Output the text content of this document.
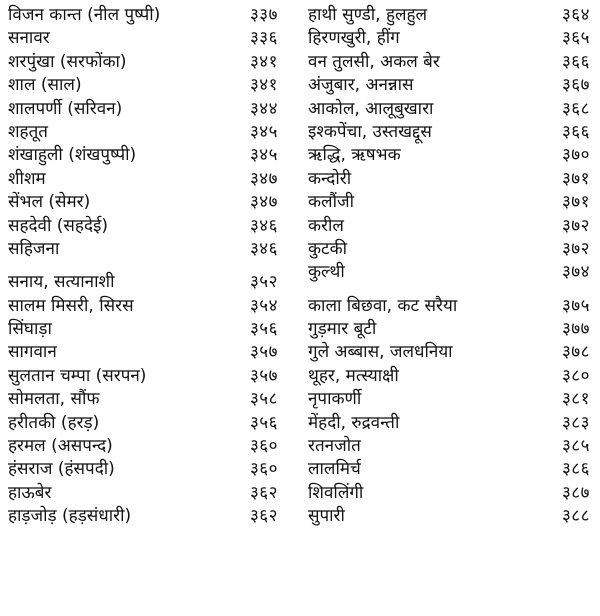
विजन कान्त (नील पुष्पी)	३३७
सनावर	३३६
शरपुंखा (सरफोंका)	३४१
शाल (साल)	३४१
शालपर्णी (सरिवन)	३४४
शहतूत	३४५
शंखाहुली (शंखपुष्पी)	३४५
शीशम	३४७
सेंभल (सेमर)	३४७
सहदेवी (सहदेई)	३४६
सहिजना	३४६
सनाय, सत्यानाशी	३५२
सालम मिसरी, सिरस	३५४
सिंघाड़ा	३५६
सागवान	३५७
सुलतान चम्पा (सरपन)	३५७
सोमलता, सौंफ	३५८
हरीतकी (हरड़)	३५६
हरमल (असपन्द)	३६०
हंसराज (हंसपदी)	३६०
हाऊबेर	३६२
हाड़जोड़ (हड़संधारी)	३६२
हाथी सुण्डी, हुलहुल	३६४
हिरणखुरी, हींग	३६५
वन तुलसी, अकल बेर	३६६
अंजुबार, अनन्नास	३६७
आकोल, आलूबुखारा	३६८
इश्कपेंचा, उस्तखद्दूस	३६६
ऋद्धि, ऋषभक	३७०
कन्दोरी	३७१
कलौंजी	३७१
करील	३७२
कुटकी	३७२
कुल्थी	३७४
काला बिछवा, कट सरैया	३७५
गुड़मार बूटी	३७७
गुले अब्बास, जलधनिया	३७८
थूहर, मत्स्याक्षी	३८०
नृपाकर्णी	३८१
मेंहदी, रुद्रवन्ती	३८३
रतनजोत	३८५
लालमिर्च	३८६
शिवलिंगी	३८७
सुपारी	३८८
